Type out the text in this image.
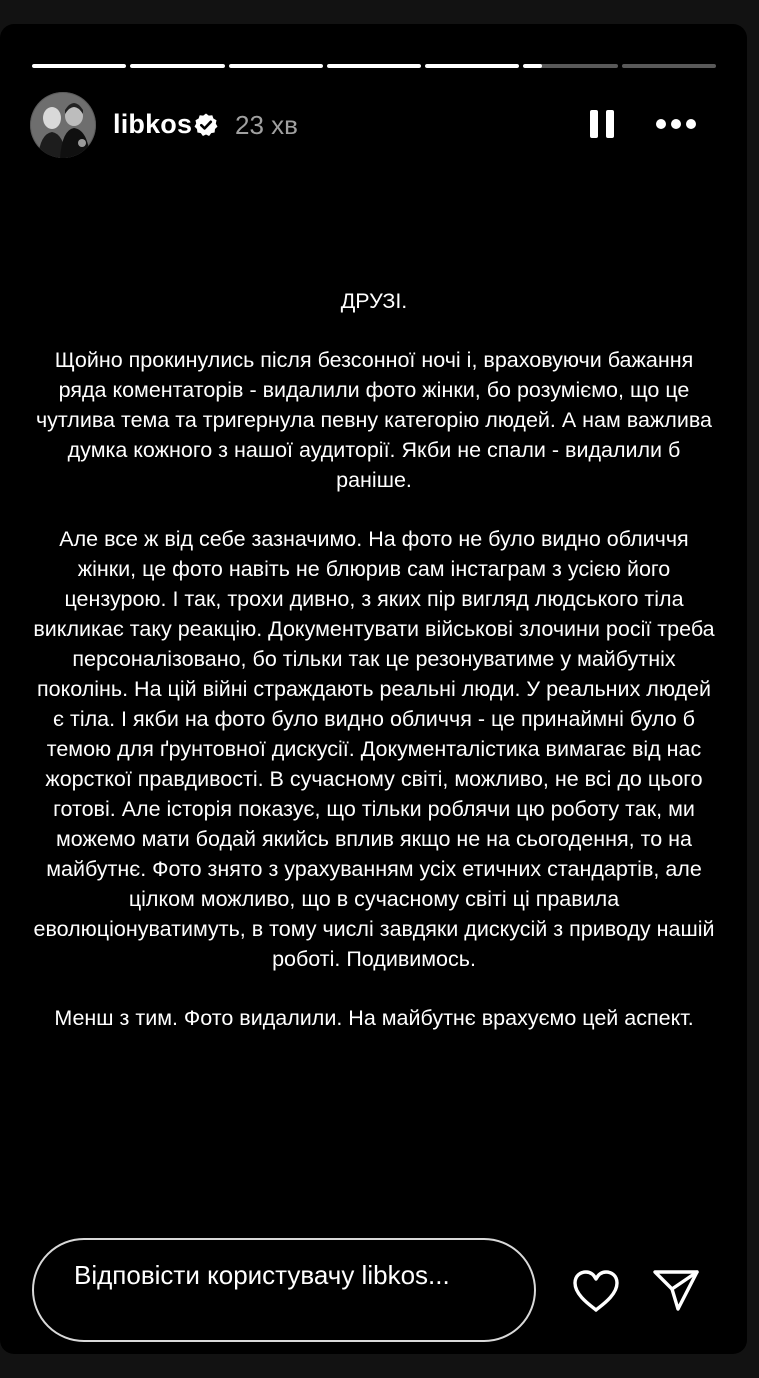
libkos 23 хв

ДРУЗІ.

Щойно прокинулись після безсонної ночі і, враховуючи бажання ряда коментаторів - видалили фото жінки, бо розуміємо, що це чутлива тема та тригернула певну категорію людей. А нам важлива думка кожного з нашої аудиторії. Якби не спали - видалили б раніше.

Але все ж від себе зазначимо. На фото не було видно обличчя жінки, це фото навіть не блюрив сам інстаграм з усією його цензурою. І так, трохи дивно, з яких пір вигляд людського тіла викликає таку реакцію. Документувати військові злочини росії треба персоналізовано, бо тільки так це резонуватиме у майбутніх поколінь. На цій війні страждають реальні люди. У реальних людей є тіла. І якби на фото було видно обличчя - це принаймні було б темою для ґрунтовної дискусії. Документалістика вимагає від нас жорсткої правдивості. В сучасному світі, можливо, не всі до цього готові. Але історія показує, що тільки роблячи цю роботу так, ми можемо мати бодай якийсь вплив якщо не на сьогодення, то на майбутнє. Фото знято з урахуванням усіх етичних стандартів, але цілком можливо, що в сучасному світі ці правила еволюціонуватимуть, в тому числі завдяки дискусій з приводу нашій роботі. Подивимось.

Менш з тим. Фото видалили. На майбутнє врахуємо цей аспект.

Відповісти користувачу libkos...
